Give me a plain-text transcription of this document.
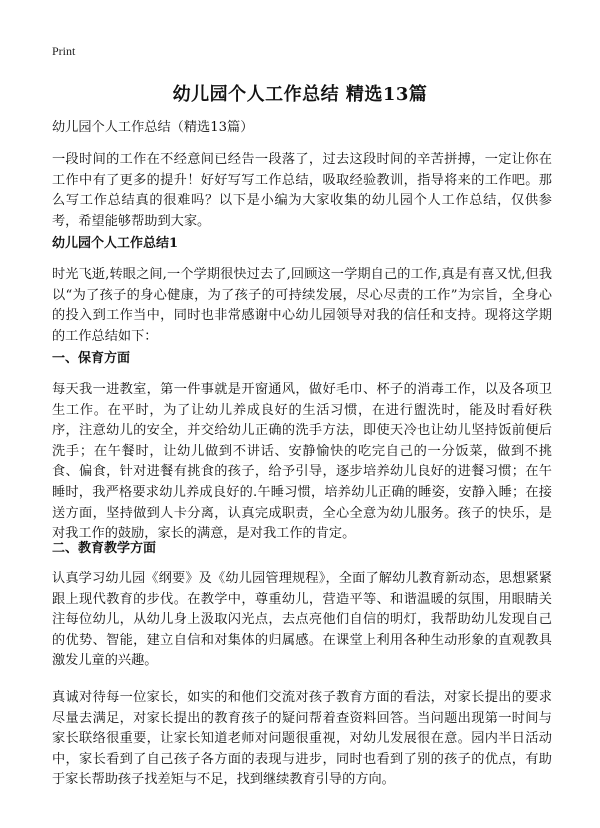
Print
幼儿园个人工作总结 精选13篇
幼儿园个人工作总结（精选13篇）
一段时间的工作在不经意间已经告一段落了，过去这段时间的辛苦拼搏，一定让你在工作中有了更多的提升！好好写写工作总结，吸取经验教训，指导将来的工作吧。那么写工作总结真的很难吗？以下是小编为大家收集的幼儿园个人工作总结，仅供参考，希望能够帮助到大家。
幼儿园个人工作总结1
时光飞逝,转眼之间,一个学期很快过去了,回顾这一学期自己的工作,真是有喜又忧,但我以“为了孩子的身心健康，为了孩子的可持续发展，尽心尽责的工作”为宗旨，全身心的投入到工作当中，同时也非常感谢中心幼儿园领导对我的信任和支持。现将这学期的工作总结如下：
一、保育方面
每天我一进教室，第一件事就是开窗通风，做好毛巾、杯子的消毒工作，以及各项卫生工作。在平时，为了让幼儿养成良好的生活习惯，在进行盥洗时，能及时看好秩序，注意幼儿的安全，并交给幼儿正确的洗手方法，即使天冷也让幼儿坚持饭前便后洗手；在午餐时，让幼儿做到不讲话、安静愉快的吃完自己的一分饭菜，做到不挑食、偏食，针对进餐有挑食的孩子，给予引导，逐步培养幼儿良好的进餐习惯；在午睡时，我严格要求幼儿养成良好的.午睡习惯，培养幼儿正确的睡姿，安静入睡；在接送方面，坚持做到人卡分离，认真完成职责，全心全意为幼儿服务。孩子的快乐，是对我工作的鼓励，家长的满意，是对我工作的肯定。
二、教育教学方面
认真学习幼儿园《纲要》及《幼儿园管理规程》，全面了解幼儿教育新动态，思想紧紧跟上现代教育的步伐。在教学中，尊重幼儿，营造平等、和谐温暖的氛围，用眼睛关注每位幼儿，从幼儿身上汲取闪光点，去点亮他们自信的明灯，我帮助幼儿发现自己的优势、智能，建立自信和对集体的归属感。在课堂上利用各种生动形象的直观教具激发儿童的兴趣。
真诚对待每一位家长，如实的和他们交流对孩子教育方面的看法，对家长提出的要求尽量去满足，对家长提出的教育孩子的疑问帮着查资料回答。当问题出现第一时间与家长联络很重要，让家长知道老师对问题很重视，对幼儿发展很在意。园内半日活动中，家长看到了自己孩子各方面的表现与进步，同时也看到了别的孩子的优点，有助于家长帮助孩子找差矩与不足，找到继续教育引导的方向。
